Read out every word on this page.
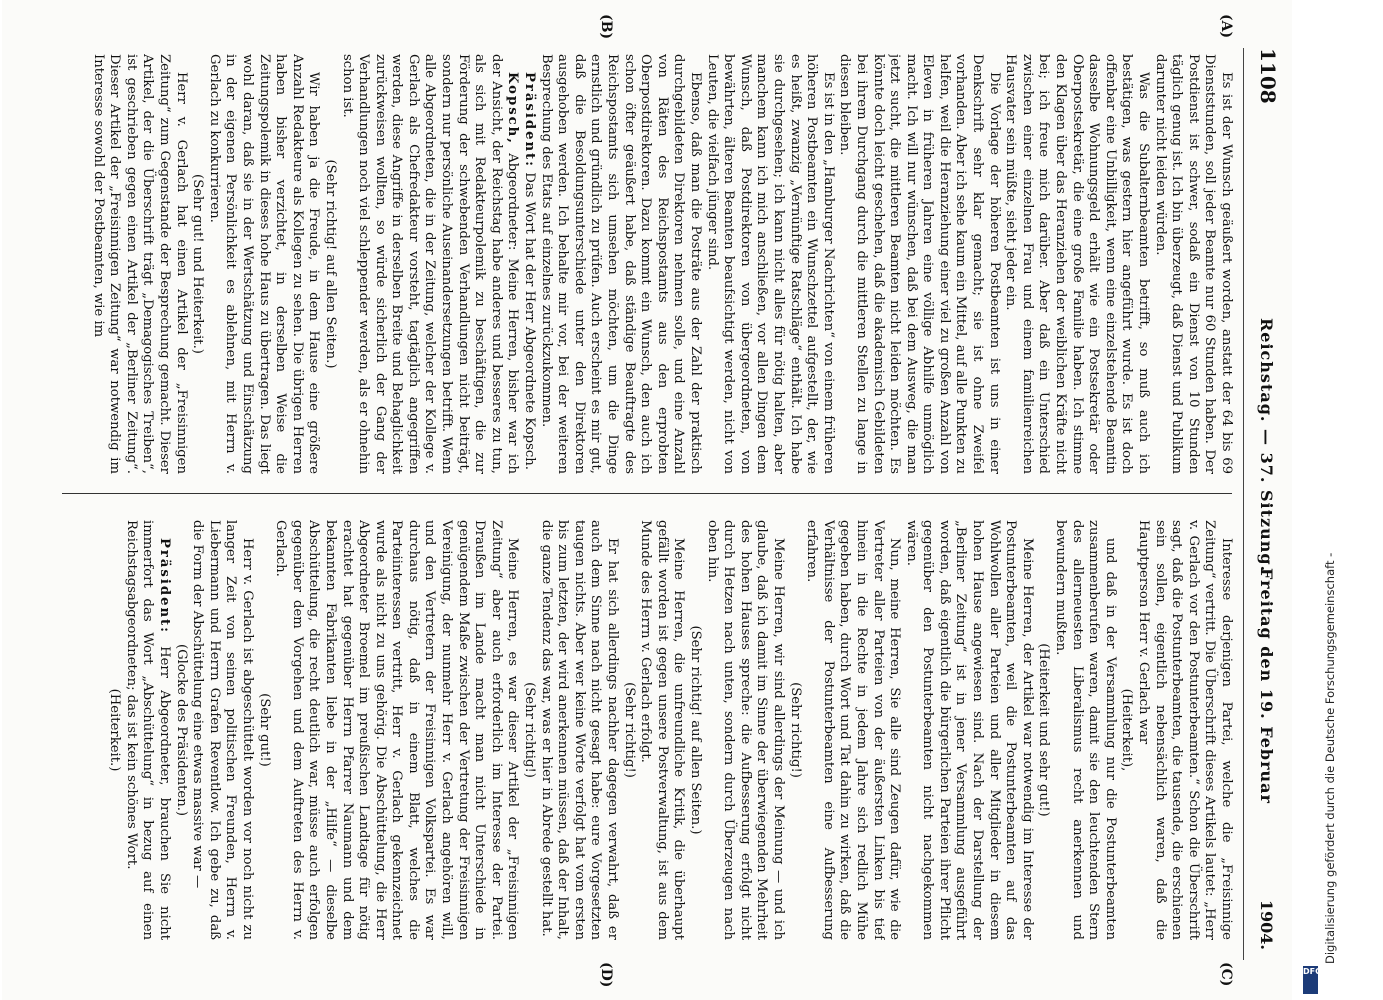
1108
Reichstag. — 37. Sitzung.
Freitag den 19. Februar
1904.
(A)
(B)
(C)
(D)

Es ist der Wunsch geäußert worden, anstatt der 64 bis 69 Dienststunden, soll jeder Beamte nur 60 Stunden haben. Der Postdienst ist schwer, sodaß ein Dienst von 10 Stunden täglich genug ist. Ich bin überzeugt, daß Dienst und Publikum darunter nicht leiden würden.

Was die Subalternbeamten betrifft, so muß auch ich bestätigen, was gestern hier angeführt wurde. Es ist doch offenbar eine Unbilligkeit, wenn eine einzelstehende Beamtin dasselbe Wohnungsgeld erhält wie ein Postsekretär oder Oberpostsekretär, die eine große Familie haben. Ich stimme den Klagen über das Heranziehen der weiblichen Kräfte nicht bei; ich freue mich darüber. Aber daß ein Unterschied zwischen einer einzelnen Frau und einem familienreichen Hausvater sein müßte, sieht jeder ein.

Die Vorlage der höheren Postbeamten ist uns in einer Denkschrift sehr klar gemacht; sie ist ohne Zweifel vorhanden. Aber ich sehe kaum ein Mittel, auf alle Punkten zu helfen, weil die Heranziehung einer viel zu großen Anzahl von Eleven in früheren Jahren eine völlige Abhilfe unmöglich macht. Ich will nur wünschen, daß bei dem Ausweg, die man jetzt sucht, die mittleren Beamten nicht leiden möchten. Es könnte doch leicht geschehen, daß die akademisch Gebildeten bei ihrem Durchgang durch die mittleren Stellen zu lange in diesen bleiben.

Es ist in den „Hamburger Nachrichten“ von einem früheren höheren Postbeamten ein Wunschzettel aufgestellt, der, wie es heißt, zwanzig „Vernünftige Ratschläge“ enthält. Ich habe sie durchgesehen; ich kann nicht alles für nötig halten, aber manchem kann ich mich anschließen, vor allen Dingen dem Wunsch, daß Postdirektoren von übergeordneten, von bewährten, älteren Beamten beaufsichtigt werden, nicht von Leuten, die vielfach jünger sind.

Ebenso, daß man die Posträte aus der Zahl der praktisch durchgebildeten Direktoren nehmen solle, und eine Anzahl von Räten des Reichspostamts aus den erprobten Oberpostdirektoren. Dazu kommt ein Wunsch, den auch ich schon öfter geäußert habe, daß ständige Beauftragte des Reichspostamts sich umsehen möchten, um die Dinge ernstlich und gründlich zu prüfen. Auch erscheint es mir gut, daß die Besoldungsunterschiede unter den Direktoren ausgehoben werden. Ich behalte mir vor, bei der weiteren Besprechung des Etats auf einzelnes zurückzukommen.

Präsident: Das Wort hat der Herr Abgeordnete Kopsch.

Kopsch, Abgeordneter: Meine Herren, bisher war ich der Ansicht, der Reichstag habe anderes und besseres zu tun, als sich mit Redakteurpolemik zu beschäftigen, die zur Förderung der schwebenden Verhandlungen nicht beiträgt, sondern nur persönliche Auseinandersetzungen betrifft. Wenn alle Abgeordneten, die in der Zeitung, welcher der Kollege v. Gerlach als Chefredakteur vorsteht, tagtäglich angegriffen werden, diese Angriffe in derselben Breite und Behaglichkeit zurückweisen wollten, so würde sicherlich der Gang der Verhandlungen noch viel schleppender werden, als er ohnehin schon ist.

(Sehr richtig! auf allen Seiten.)

Wir haben ja die Freude, in dem Hause eine größere Anzahl Redakteure als Kollegen zu sehen. Die übrigen Herren haben bisher verzichtet, in derselben Weise die Zeitungspolemik in dieses hohe Haus zu übertragen. Das liegt wohl daran, daß sie in der Wertschätzung und Einschätzung in der eigenen Persönlichkeit es ablehnen, mit Herrn v. Gerlach zu konkurrieren.

(Sehr gut! und Heiterkeit.)

Herr v. Gerlach hat einen Artikel der „Freisinnigen Zeitung“ zum Gegenstande der Besprechung gemacht. Dieser Artikel, der die Überschrift trägt „Demagogisches Treiben“, ist geschrieben gegen einen Artikel der „Berliner Zeitung“. Dieser Artikel der „Freisinnigen Zeitung“ war notwendig im Interesse sowohl der Postbeamten, wie im

Interesse derjenigen Partei, welche die „Freisinnige Zeitung“ vertritt. Die Überschrift dieses Artikels lautet: „Herr v. Gerlach vor den Postunterbeamten.“ Schon die Überschrift sagt, daß die Postunterbeamten, die tausende, die erschienen sein sollen, eigentlich nebensächlich waren, daß die Hauptperson Herr v. Gerlach war

(Heiterkeit),

und daß in der Versammlung nur die Postunterbeamten zusammenberufen waren, damit sie den leuchtenden Stern des allerneuesten Liberalismus recht anerkennen und bewundern mußten.

(Heiterkeit und sehr gut!)

Meine Herren, der Artikel war notwendig im Interesse der Postunterbeamten, weil die Postunterbeamten auf das Wohlwollen aller Parteien und aller Mitglieder in diesem hohen Hause angewiesen sind. Nach der Darstellung der „Berliner Zeitung“ ist in jener Versammlung ausgeführt worden, daß eigentlich die bürgerlichen Parteien ihrer Pflicht gegenüber den Postunterbeamten nicht nachgekommen wären.

Nun, meine Herren, Sie alle sind Zeugen dafür, wie die Vertreter aller Parteien von der äußersten Linken bis tief hinein in die Rechte in jedem Jahre sich redlich Mühe gegeben haben, durch Wort und Tat dahin zu wirken, daß die Verhältnisse der Postunterbeamten eine Aufbesserung erfahren.

(Sehr richtig!)

Meine Herren, wir sind allerdings der Meinung — und ich glaube, daß ich damit im Sinne der überwiegenden Mehrheit des hohen Hauses spreche: die Aufbesserung erfolgt nicht durch Hetzen nach unten, sondern durch Überzeugen nach oben hin.

(Sehr richtig! auf allen Seiten.)

Meine Herren, die unfreundliche Kritik, die überhaupt gefällt worden ist gegen unsere Postverwaltung, ist aus dem Munde des Herrn v. Gerlach erfolgt.

(Sehr richtig!)

Er hat sich allerdings nachher dagegen verwahrt, daß er auch dem Sinne nach nicht gesagt habe: eure Vorgesetzten taugen nichts. Aber wer keine Worte verfolgt hat vom ersten bis zum letzten, der wird anerkennen müssen, daß der Inhalt, die ganze Tendenz das war, was er hier in Abrede gestellt hat.

(Sehr richtig!)

Meine Herren, es war dieser Artikel der „Freisinnigen Zeitung“ aber auch erforderlich im Interesse der Partei. Draußen im Lande macht man nicht Unterschiede in genügendem Maße zwischen der Vertretung der Freisinnigen Vereinigung, der nunmehr Herr v. Gerlach angehören will, und den Vertretern der Freisinnigen Volkspartei. Es war durchaus nötig, daß in einem Blatt, welches die Parteiinteressen vertritt, Herr v. Gerlach gekennzeichnet wurde als nicht zu uns gehörig. Die Abschüttelung, die Herr Abgeordneter Broemel im preußischen Landtage für nötig erachtet hat gegenüber Herrn Pfarrer Naumann und dem bekannten Fabrikanten liebe in der „Hilfe“ — dieselbe Abschüttelung, die recht deutlich war, müsse auch erfolgen gegenüber dem Vorgehen und dem Auftreten des Herrn v. Gerlach.

(Sehr gut!)

Herr v. Gerlach ist abgeschüttelt worden vor noch nicht zu langer Zeit von seinen politischen Freunden, Herrn v. Liebermann und Herrn Grafen Reventlow. Ich gebe zu, daß die Form der Abschüttelung eine etwas massive war —

(Glocke des Präsidenten.)

Präsident: Herr Abgeordneter, brauchen Sie nicht immerfort das Wort „Abschüttelung“ in bezug auf einen Reichstagsabgeordneten; das ist kein schönes Wort.

(Heiterkeit.)	Digitalisierung gefördert durch die Deutsche Forschungsgemeinschaft -
DFG
